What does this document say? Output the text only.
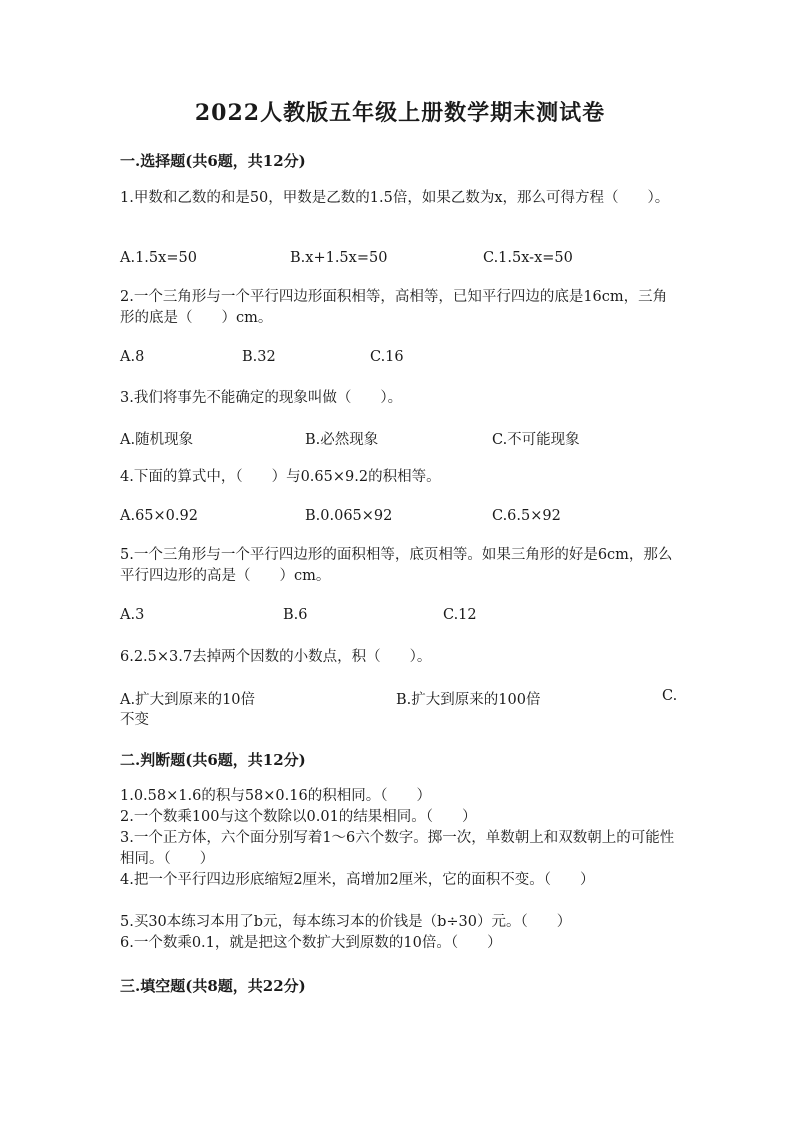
2022人教版五年级上册数学期末测试卷
一.选择题(共6题，共12分)
1.甲数和乙数的和是50，甲数是乙数的1.5倍，如果乙数为x，那么可得方程（　　）。
A.1.5x=50	B.x+1.5x=50	C.1.5x-x=50
2.一个三角形与一个平行四边形面积相等，高相等，已知平行四边的底是16cm，三角形的底是（　　）cm。
A.8	B.32	C.16
3.我们将事先不能确定的现象叫做（　　）。
A.随机现象	B.必然现象	C.不可能现象
4.下面的算式中，（　　）与0.65×9.2的积相等。
A.65×0.92	B.0.065×92	C.6.5×92
5.一个三角形与一个平行四边形的面积相等，底页相等。如果三角形的好是6cm，那么平行四边形的高是（　　）cm。
A.3	B.6	C.12
6.2.5×3.7去掉两个因数的小数点，积（　　）。
A.扩大到原来的10倍	B.扩大到原来的100倍	C.
不变
二.判断题(共6题，共12分)
1.0.58×1.6的积与58×0.16的积相同。（　　）
2.一个数乘100与这个数除以0.01的结果相同。（　　）
3.一个正方体，六个面分别写着1～6六个数字。掷一次，单数朝上和双数朝上的可能性相同。（　　）
4.把一个平行四边形底缩短2厘米，高增加2厘米，它的面积不变。（　　）
5.买30本练习本用了b元，每本练习本的价钱是（b÷30）元。（　　）
6.一个数乘0.1，就是把这个数扩大到原数的10倍。（　　）
三.填空题(共8题，共22分)
